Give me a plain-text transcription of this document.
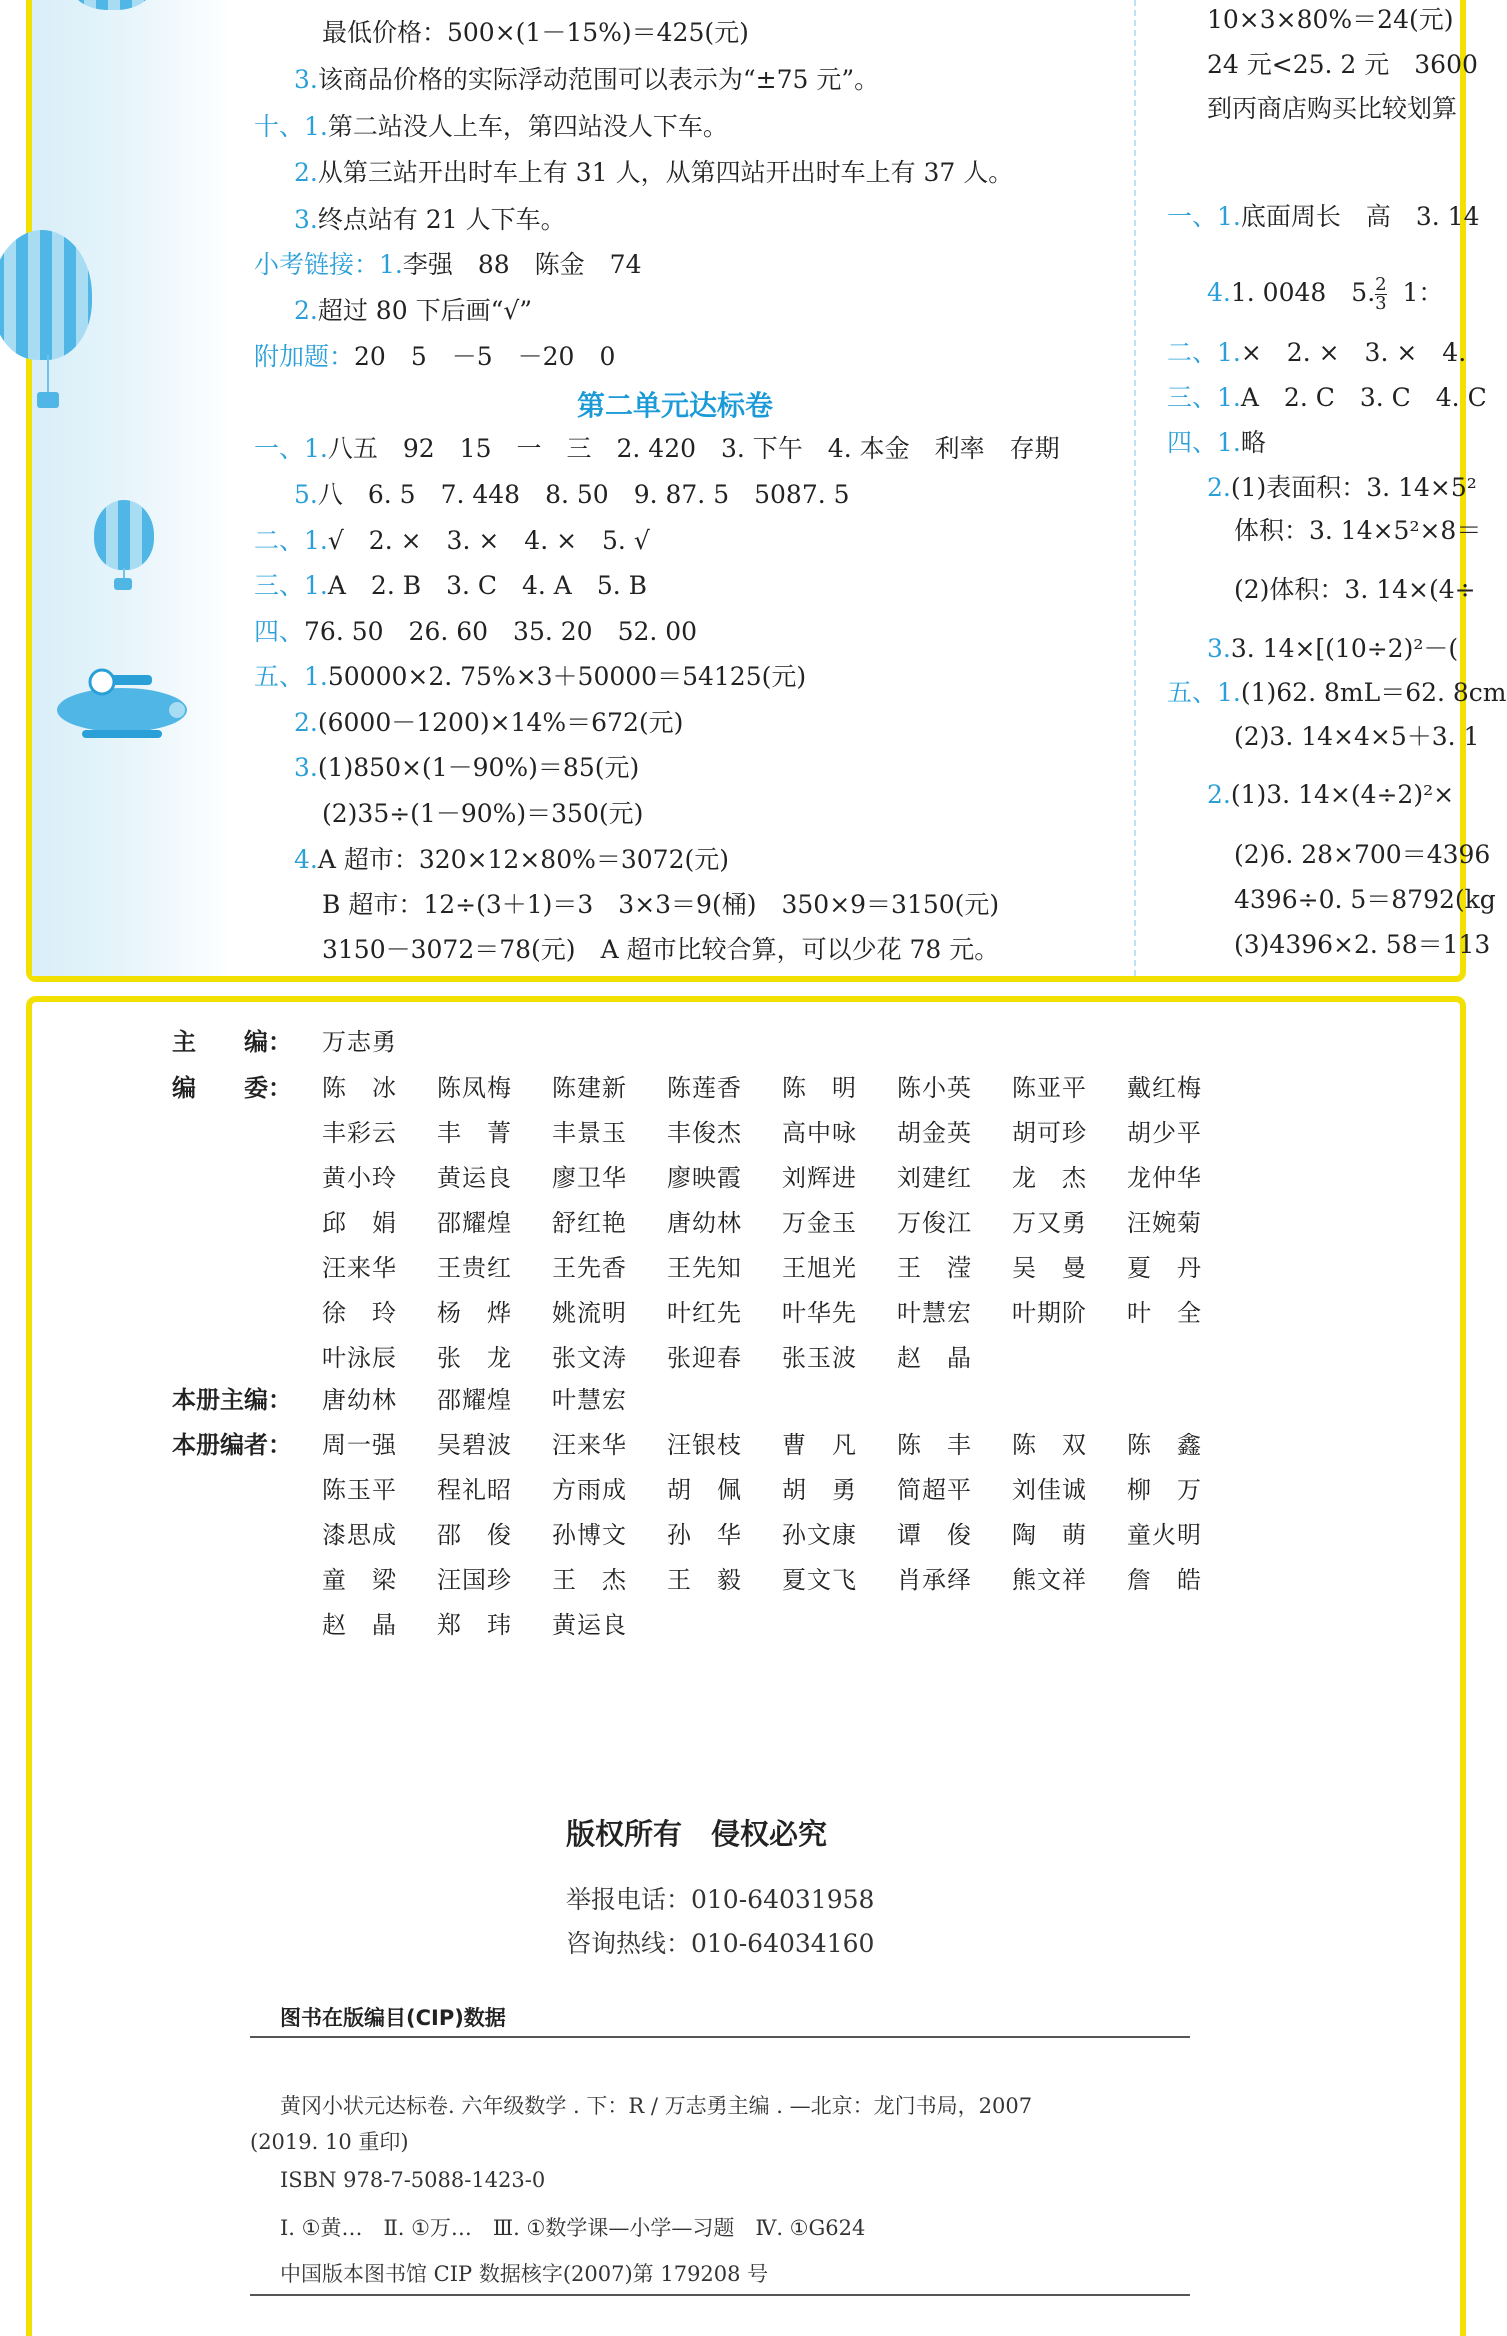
最低价格：500×(1－15%)＝425(元)
3.该商品价格的实际浮动范围可以表示为“±75 元”。
十、1.第二站没人上车，第四站没人下车。
2.从第三站开出时车上有 31 人，从第四站开出时车上有 37 人。
3.终点站有 21 人下车。
小考链接：1.李强　88　陈金　74
2.超过 80 下后画“√”
附加题：20　5　－5　－20　0
第二单元达标卷
一、1.八五　92　15　一　三　2. 420　3. 下午　4. 本金　利率　存期
5.八　6. 5　7. 448　8. 50　9. 87. 5　5087. 5
二、1.√　2. ×　3. ×　4. ×　5. √
三、1.A　2. B　3. C　4. A　5. B
四、76. 50　26. 60　35. 20　52. 00
五、1.50000×2. 75%×3＋50000＝54125(元)
2.(6000－1200)×14%＝672(元)
3.(1)850×(1－90%)＝85(元)
(2)35÷(1－90%)＝350(元)
4.A 超市：320×12×80%＝3072(元)
B 超市：12÷(3＋1)＝3　3×3＝9(桶)　350×9＝3150(元)
3150－3072＝78(元)　A 超市比较合算，可以少花 78 元。
10×3×80%＝24(元)
24 元<25. 2 元　3600
到丙商店购买比较划算
一、1.底面周长　高　3. 14
4.1. 0048　5. $\frac{2}{3} 1$：
二、1.×　2. ×　3. ×　4.
三、1.A　2. C　3. C　4. C
四、1.略
2.(1)表面积：3. 14×5²
体积：3. 14×5²×8＝
(2)体积：3. 14×(4÷
3.3. 14×[(10÷2)²－(
五、1.(1)62. 8mL＝62. 8cm
(2)3. 14×4×5＋3. 1
2.(1)3. 14×(4÷2)²×
(2)6. 28×700＝4396
4396÷0. 5＝8792(kg
(3)4396×2. 58＝113
主　　编： 万志勇
编　　委： 陈　冰 陈凤梅 陈建新 陈莲香 陈　明 陈小英 陈亚平 戴红梅
丰彩云 丰　菁 丰景玉 丰俊杰 高中咏 胡金英 胡可珍 胡少平
黄小玲 黄运良 廖卫华 廖映霞 刘辉进 刘建红 龙　杰 龙仲华
邱　娟 邵耀煌 舒红艳 唐幼林 万金玉 万俊江 万又勇 汪婉菊
汪来华 王贵红 王先香 王先知 王旭光 王　滢 吴　曼 夏　丹
徐　玲 杨　烨 姚流明 叶红先 叶华先 叶慧宏 叶期阶 叶　全
叶泳辰 张　龙 张文涛 张迎春 张玉波 赵　晶
本册主编： 唐幼林 邵耀煌 叶慧宏
本册编者： 周一强 吴碧波 汪来华 汪银枝 曹　凡 陈　丰 陈　双 陈　鑫
陈玉平 程礼昭 方雨成 胡　佩 胡　勇 简超平 刘佳诚 柳　万
漆思成 邵　俊 孙博文 孙　华 孙文康 谭　俊 陶　萌 童火明
童　梁 汪国珍 王　杰 王　毅 夏文飞 肖承绎 熊文祥 詹　皓
赵　晶 郑　玮 黄运良
版权所有　侵权必究
举报电话：010-64031958
咨询热线：010-64034160
图书在版编目(CIP)数据
黄冈小状元达标卷. 六年级数学 . 下：R / 万志勇主编 . —北京：龙门书局，2007
(2019. 10 重印)
ISBN 978-7-5088-1423-0
Ⅰ. ①黄…　Ⅱ. ①万…　Ⅲ. ①数学课—小学—习题　Ⅳ. ①G624
中国版本图书馆 CIP 数据核字(2007)第 179208 号
